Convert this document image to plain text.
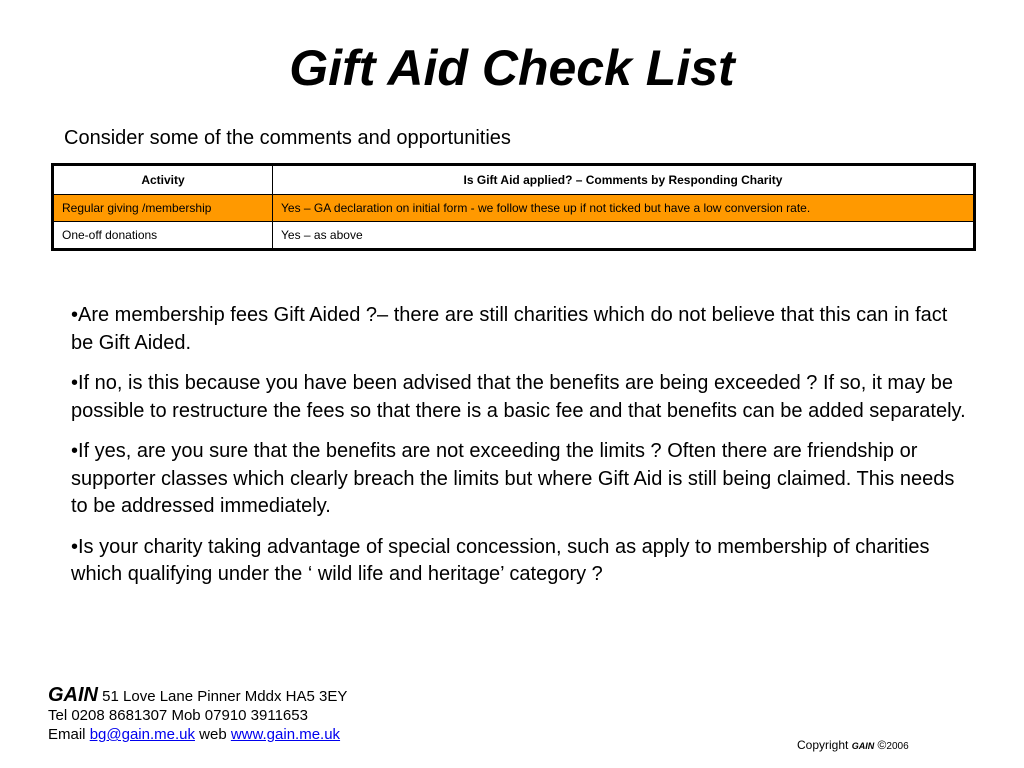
Gift Aid Check List
Consider some of the comments and opportunities
Activity	Is Gift Aid applied? – Comments by Responding Charity
Regular giving /membership	Yes – GA declaration on initial form - we follow these up if not ticked but have a low conversion rate.
One-off donations	Yes – as above

•Are membership fees Gift Aided ?– there are still charities which do not believe that this can in fact be Gift Aided.

•If no, is this because you have been advised that the benefits are being exceeded ? If so, it may be possible to restructure the fees so that there is a basic fee and that benefits can be added separately.

•If yes, are you sure that the benefits are not exceeding the limits ? Often there are friendship or supporter classes which clearly breach the limits but where Gift Aid is still being claimed. This needs to be addressed immediately.

•Is your charity taking advantage of special concession, such as apply to membership of charities which qualifying under the ‘ wild life and heritage’ category ?

GAIN 51 Love Lane Pinner Mddx HA5 3EY
Tel 0208 8681307 Mob 07910 3911653
Email bg@gain.me.uk web www.gain.me.uk
Copyright GAIN ©2006
